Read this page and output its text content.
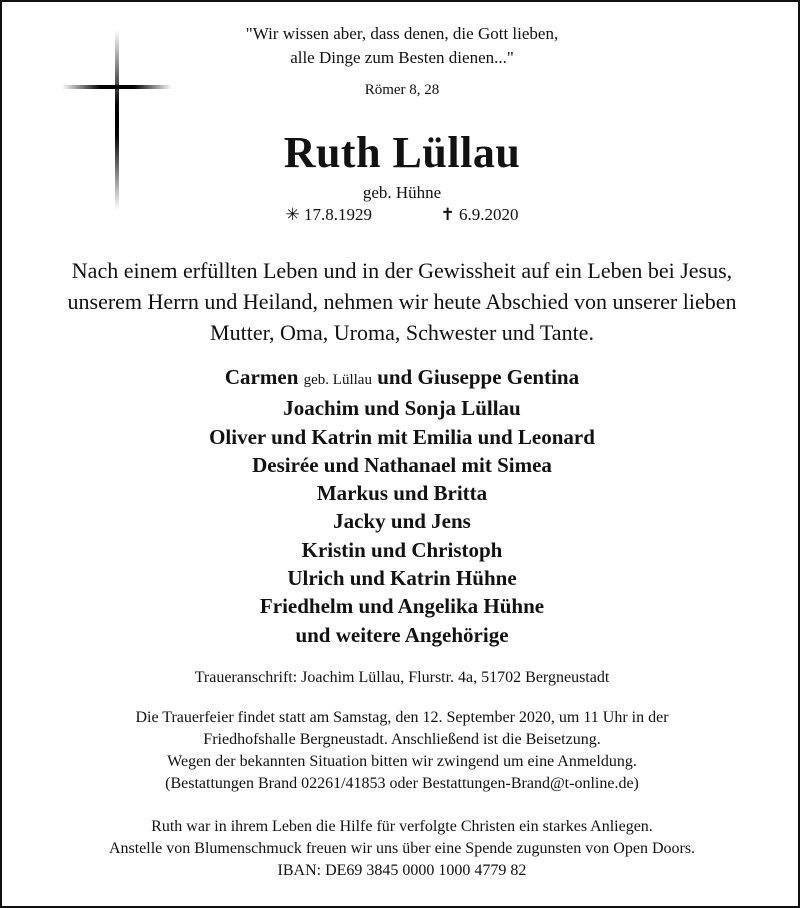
"Wir wissen aber, dass denen, die Gott lieben,
alle Dinge zum Besten dienen..."
Römer 8, 28
Ruth Lüllau
geb. Hühne
✳ 17.8.1929	✝ 6.9.2020
Nach einem erfüllten Leben und in der Gewissheit auf ein Leben bei Jesus,
unserem Herrn und Heiland, nehmen wir heute Abschied von unserer lieben
Mutter, Oma, Uroma, Schwester und Tante.
Carmen geb. Lüllau und Giuseppe Gentina
Joachim und Sonja Lüllau
Oliver und Katrin mit Emilia und Leonard
Desirée und Nathanael mit Simea
Markus und Britta
Jacky und Jens
Kristin und Christoph
Ulrich und Katrin Hühne
Friedhelm und Angelika Hühne
und weitere Angehörige
Traueranschrift: Joachim Lüllau, Flurstr. 4a, 51702 Bergneustadt
Die Trauerfeier findet statt am Samstag, den 12. September 2020, um 11 Uhr in der
Friedhofshalle Bergneustadt. Anschließend ist die Beisetzung.
Wegen der bekannten Situation bitten wir zwingend um eine Anmeldung.
(Bestattungen Brand 02261/41853 oder Bestattungen-Brand@t-online.de)
Ruth war in ihrem Leben die Hilfe für verfolgte Christen ein starkes Anliegen.
Anstelle von Blumenschmuck freuen wir uns über eine Spende zugunsten von Open Doors.
IBAN: DE69 3845 0000 1000 4779 82
